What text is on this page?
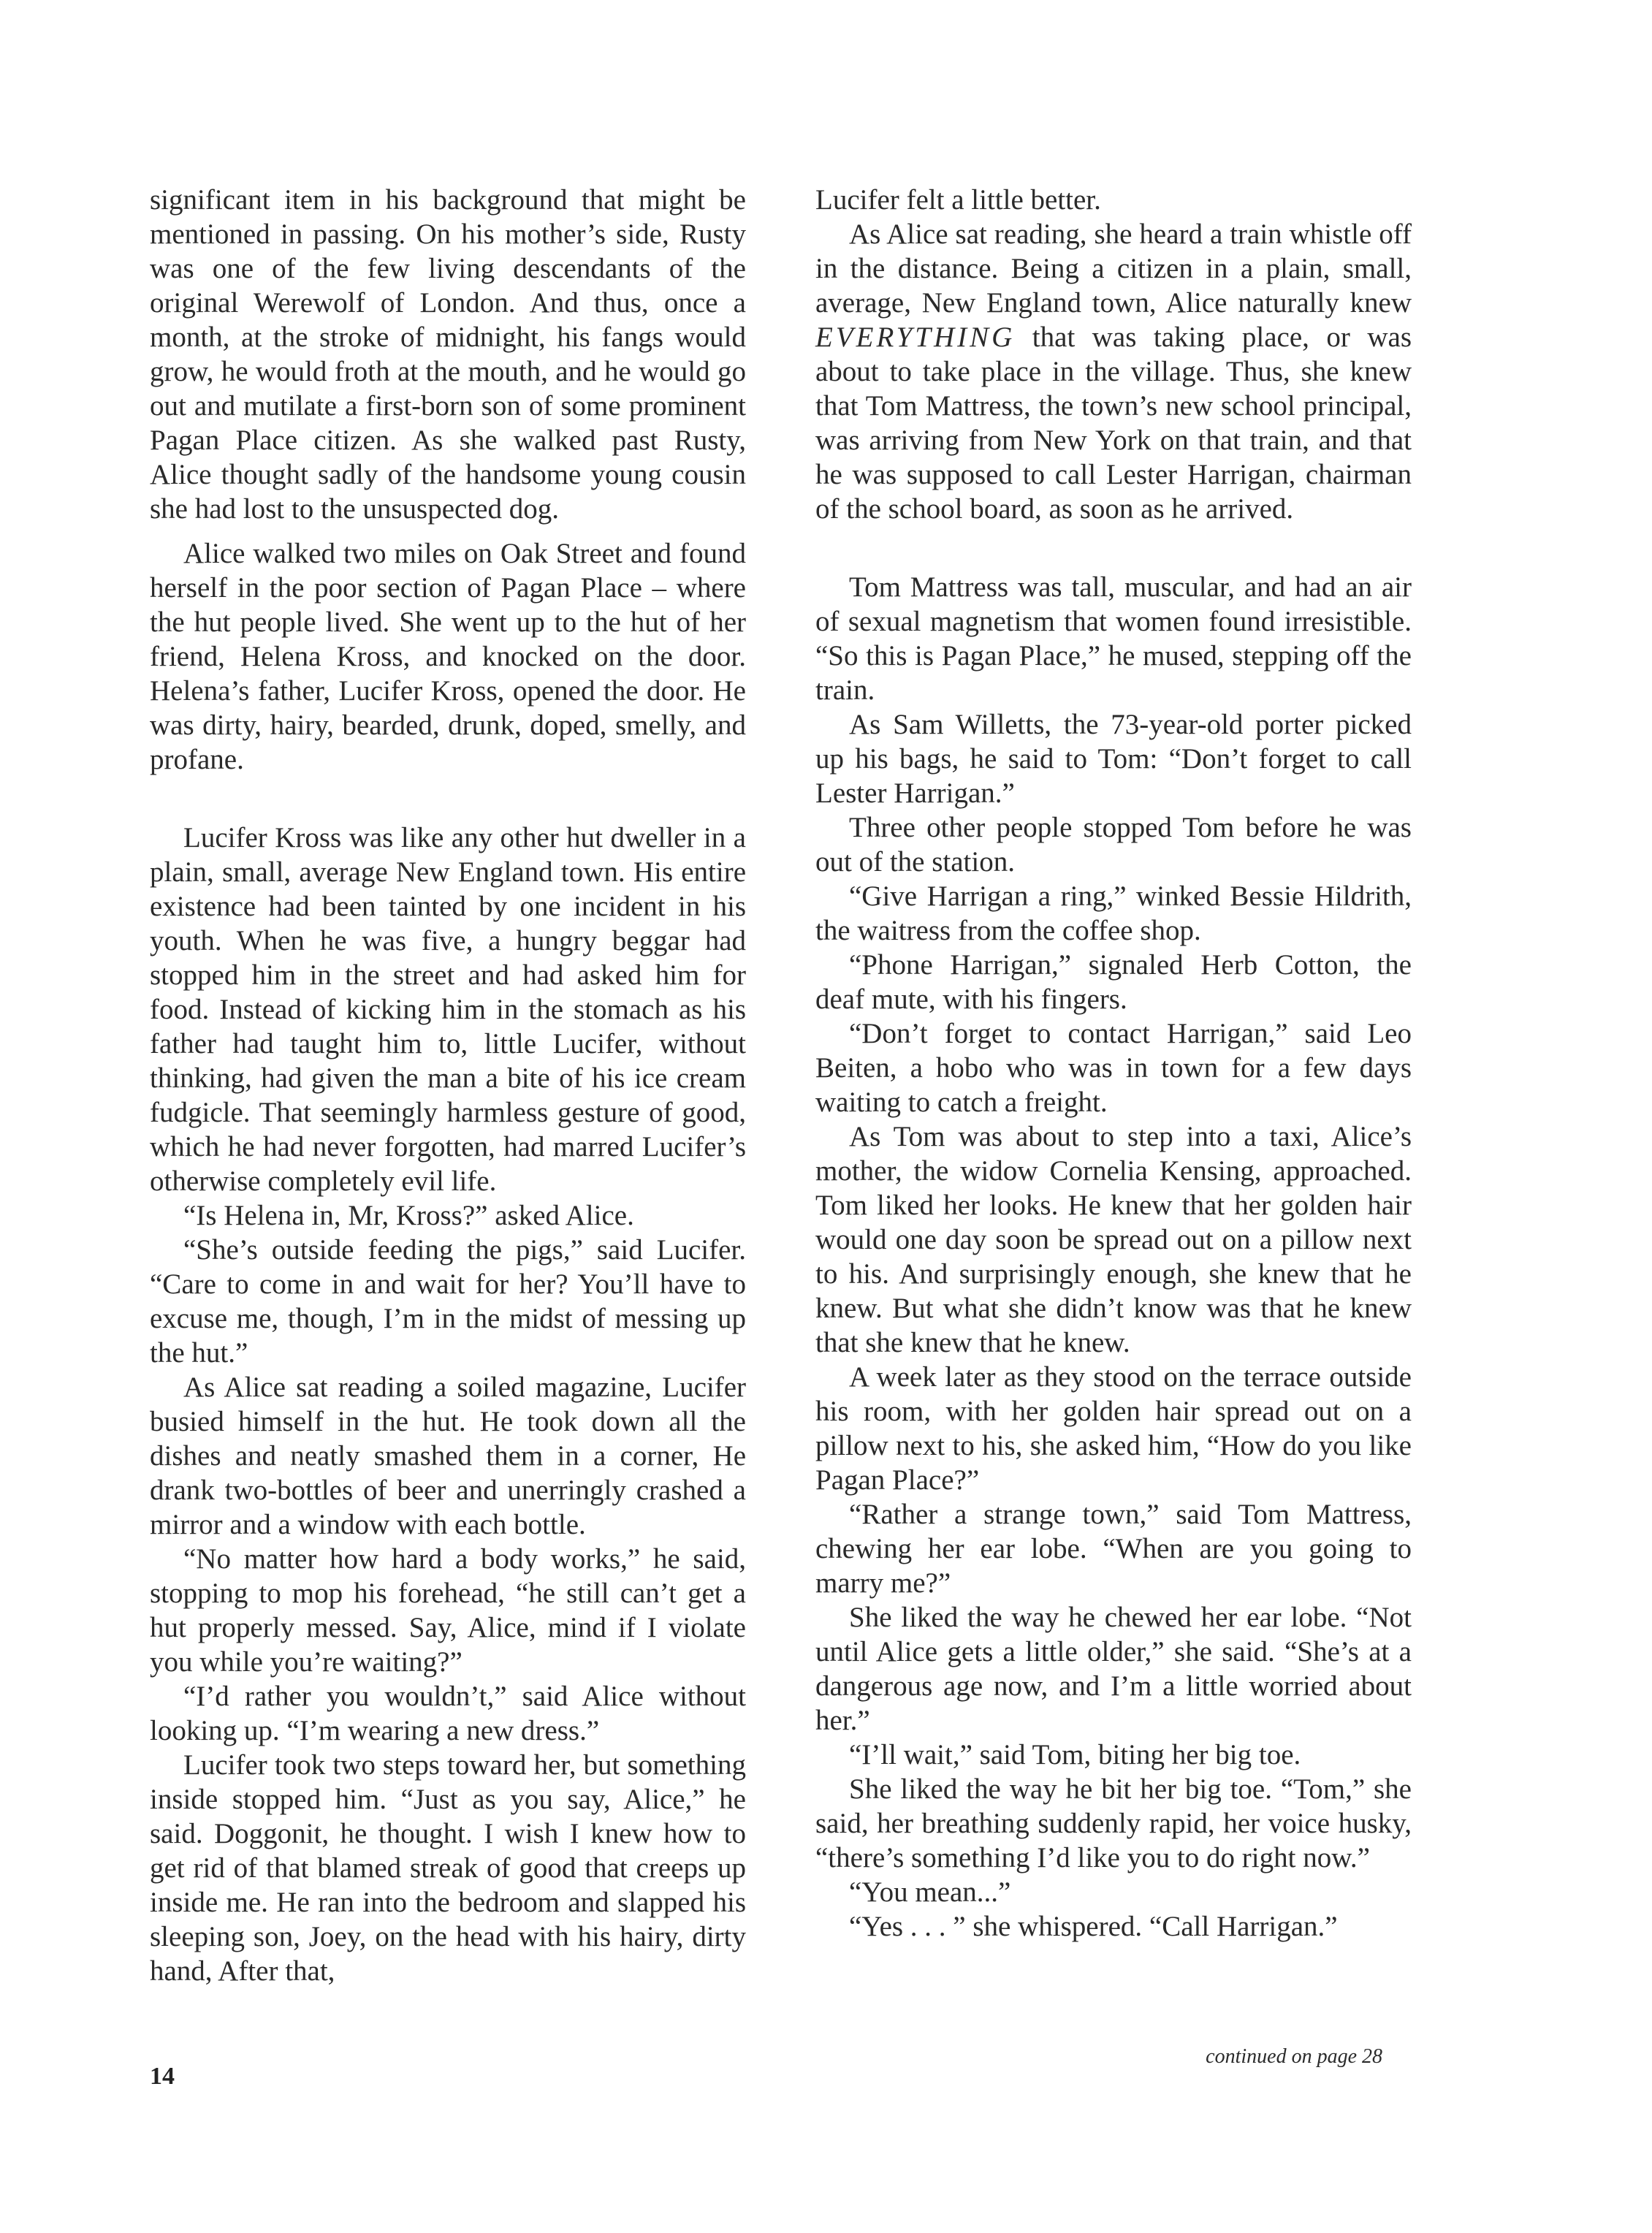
significant item in his background that might be mentioned in passing. On his mother’s side, Rusty was one of the few living descendants of the original Werewolf of London. And thus, once a month, at the stroke of midnight, his fangs would grow, he would froth at the mouth, and he would go out and mutilate a first-born son of some prominent Pagan Place citizen. As she walked past Rusty, Alice thought sadly of the handsome young cousin she had lost to the unsuspected dog.

Alice walked two miles on Oak Street and found herself in the poor section of Pagan Place – where the hut people lived. She went up to the hut of her friend, Helena Kross, and knocked on the door. Helena’s father, Lucifer Kross, opened the door. He was dirty, hairy, bearded, drunk, doped, smelly, and profane.

Lucifer Kross was like any other hut dweller in a plain, small, average New England town. His entire existence had been tainted by one incident in his youth. When he was five, a hungry beggar had stopped him in the street and had asked him for food. Instead of kicking him in the stomach as his father had taught him to, little Lucifer, without thinking, had given the man a bite of his ice cream fudgicle. That seemingly harmless gesture of good, which he had never forgotten, had marred Lucifer’s otherwise completely evil life.

“Is Helena in, Mr, Kross?” asked Alice.

“She’s outside feeding the pigs,” said Lucifer. “Care to come in and wait for her? You’ll have to excuse me, though, I’m in the midst of messing up the hut.”

As Alice sat reading a soiled magazine, Lucifer busied himself in the hut. He took down all the dishes and neatly smashed them in a corner, He drank two-bottles of beer and unerringly crashed a mirror and a window with each bottle.

“No matter how hard a body works,” he said, stopping to mop his forehead, “he still can’t get a hut properly messed. Say, Alice, mind if I violate you while you’re waiting?”

“I’d rather you wouldn’t,” said Alice without looking up. “I’m wearing a new dress.”

Lucifer took two steps toward her, but something inside stopped him. “Just as you say, Alice,” he said. Doggonit, he thought. I wish I knew how to get rid of that blamed streak of good that creeps up inside me. He ran into the bedroom and slapped his sleeping son, Joey, on the head with his hairy, dirty hand, After that,

Lucifer felt a little better.

As Alice sat reading, she heard a train whistle off in the distance. Being a citizen in a plain, small, average, New England town, Alice naturally knew EVERYTHING that was taking place, or was about to take place in the village. Thus, she knew that Tom Mattress, the town’s new school principal, was arriving from New York on that train, and that he was supposed to call Lester Harrigan, chairman of the school board, as soon as he arrived.

Tom Mattress was tall, muscular, and had an air of sexual magnetism that women found irresistible. “So this is Pagan Place,” he mused, stepping off the train.

As Sam Willetts, the 73-year-old porter picked up his bags, he said to Tom: “Don’t forget to call Lester Harrigan.”

Three other people stopped Tom before he was out of the station.

“Give Harrigan a ring,” winked Bessie Hildrith, the waitress from the coffee shop.

“Phone Harrigan,” signaled Herb Cotton, the deaf mute, with his fingers.

“Don’t forget to contact Harrigan,” said Leo Beiten, a hobo who was in town for a few days waiting to catch a freight.

As Tom was about to step into a taxi, Alice’s mother, the widow Cornelia Kensing, approached. Tom liked her looks. He knew that her golden hair would one day soon be spread out on a pillow next to his. And surprisingly enough, she knew that he knew. But what she didn’t know was that he knew that she knew that he knew.

A week later as they stood on the terrace outside his room, with her golden hair spread out on a pillow next to his, she asked him, “How do you like Pagan Place?”

“Rather a strange town,” said Tom Mattress, chewing her ear lobe. “When are you going to marry me?”

She liked the way he chewed her ear lobe. “Not until Alice gets a little older,” she said. “She’s at a dangerous age now, and I’m a little worried about her.”

“I’ll wait,” said Tom, biting her big toe.

She liked the way he bit her big toe. “Tom,” she said, her breathing suddenly rapid, her voice husky, “there’s something I’d like you to do right now.”

“You mean...”

“Yes . . . ” she whispered. “Call Harrigan.”

continued on page 28
14
